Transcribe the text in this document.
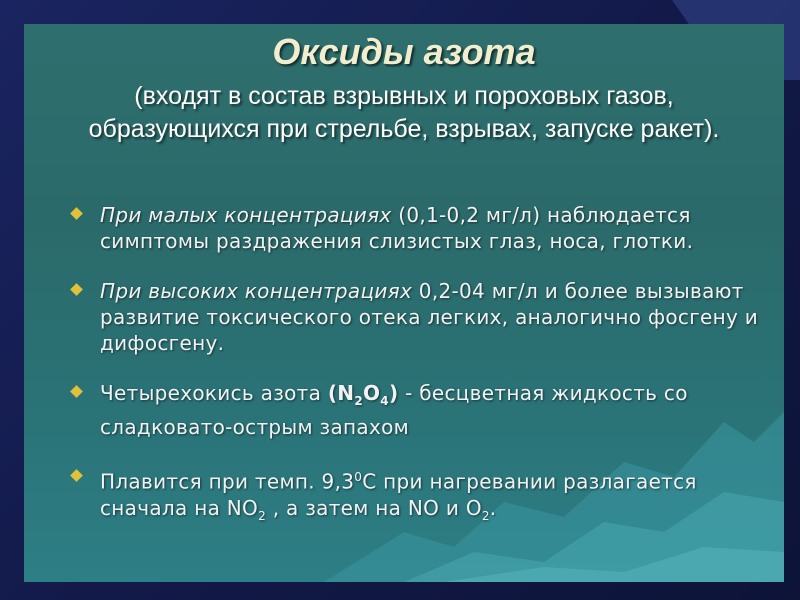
Оксиды азота
(входят в состав взрывных и пороховых газов, образующихся при стрельбе, взрывах, запуске ракет).
При малых концентрациях (0,1-0,2 мг/л) наблюдается симптомы раздражения слизистых глаз, носа, глотки.
При высоких концентрациях 0,2-04 мг/л и более вызывают развитие токсического отека легких, аналогично фосгену и дифосгену.
Четырехокись азота $(N_2O_4)$ - бесцветная жидкость со сладковато-острым запахом
Плавится при темп. $9,3^0С$ при нагревании разлагается сначала на $NO_2$ , а затем на NO и $O_2$.
